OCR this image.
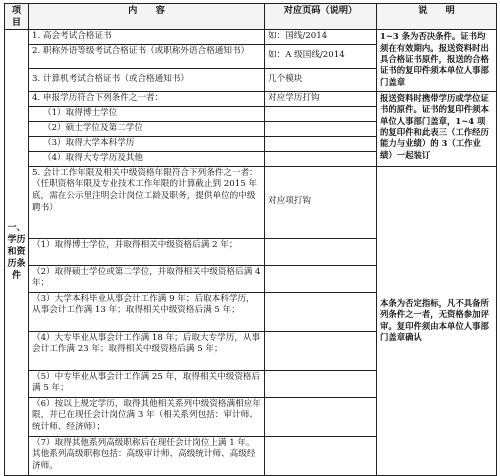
项目	内　　容	对应页码（说明）	说　　明
一、学历和资历条件	1. 高会考试合格证书	如：国线/2014	1~3 条为否决条件。证书均须在有效期内。报送资料时出具合格证书原件，报送的合格证书的复印件须本单位人事部门盖章
	2. 职称外语等级考试合格证书（或职称外语合格通知书）	如：A 级国线/2014	
	3. 计算机考试合格证书（或合格通知书）	几个模块	
	4. 申报学历符合下列条件之一者：	对应学历打钩	报送资料时携带学历或学位证书的原件。证书的复印件须本单位人事部门盖章，1~4 项的复印件和此表三（工作经历能力与业绩）的 3（工作业绩）一起装订
	（1）取得博士学位		
	（2）硕士学位及第二学位		
	（3）取得大学本科学历		
	（4）取得大专学历及其他		
	5. 会计工作年限及相关中级资格年限符合下列条件之一者：（任职资格年限及专业技术工作年限的计算截止到 2015 年底，需在公示里注明会计岗位工龄及职务，提供单位的中级聘书）	对应项打钩	本条为否定指标，凡不具备所列条件之一者，无资格参加评审。复印件须由本单位人事部门盖章确认
	（1）取得博士学位，并取得相关中级资格后满 2 年；		
	（2）取得硕士学位或第二学位，并取得相关中级资格后满 4 年；		
	（3）大学本科毕业从事会计工作满 9 年；后取本科学历，从事会计工作满 13 年；取得相关中级资格后满 5 年；		
	（4）大专毕业从事会计工作满 18 年；后取大专学历，从事会计工作满 23 年；取得相关中级资格后满 5 年；		
	（5）中专毕业从事会计工作满 25 年，取得相关中级资格后满 5 年；		
	（6）按以上规定学历，取得其他相关系列中级资格满相应年限，并已在现任会计岗位满 3 年（相关系列包括：审计师、统计师、经济师）；		
	（7）取得其他系列高级职称后在现任会计岗位上满 1 年。其他系列高级职称包括：高级审计师、高级统计师、高级经济师。		
